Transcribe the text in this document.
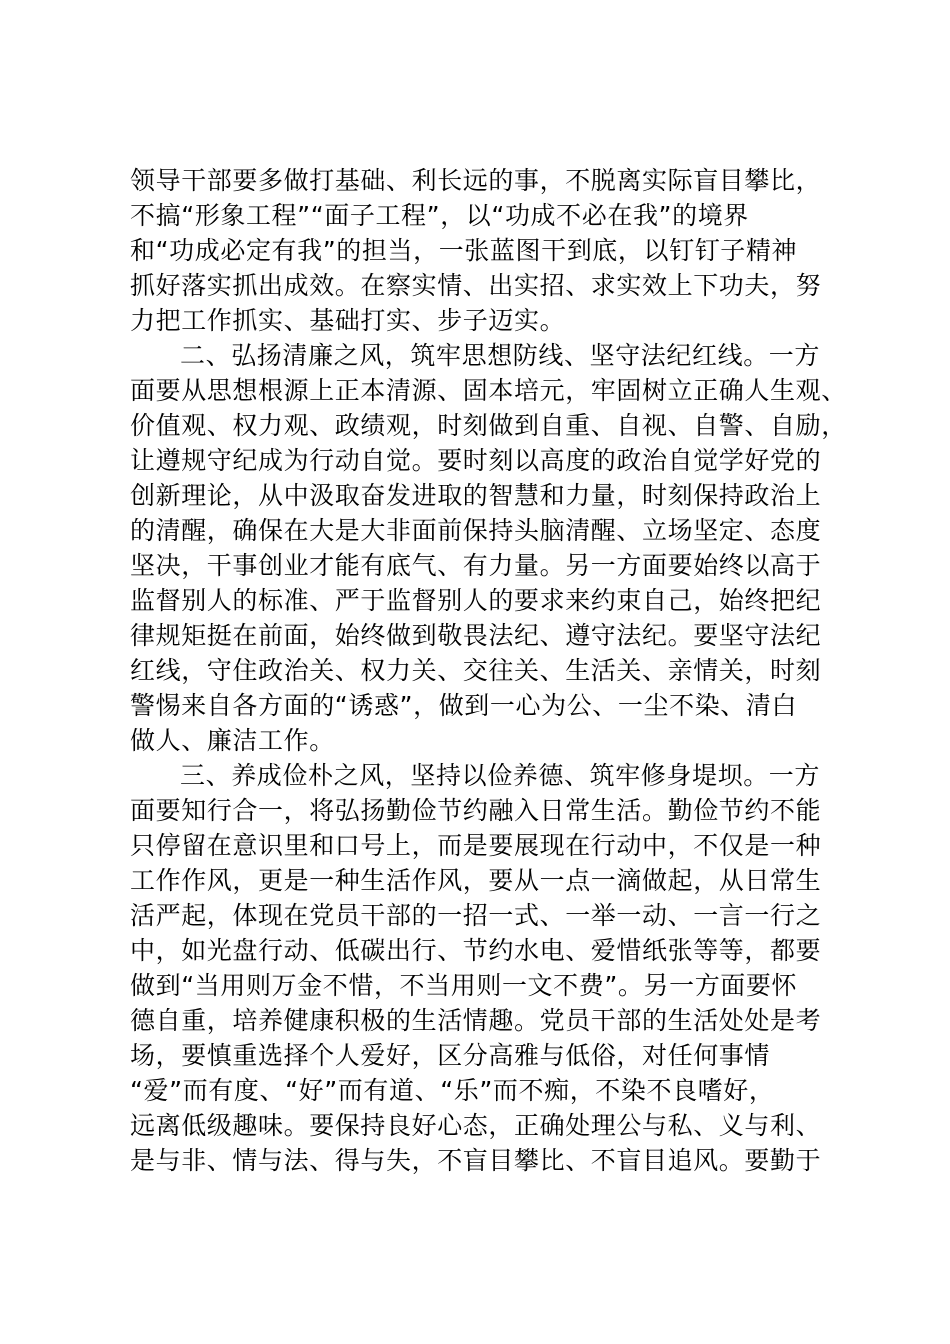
领导干部要多做打基础、利长远的事，不脱离实际盲目攀比，
不搞“形象工程”“面子工程”，以“功成不必在我”的境界
和“功成必定有我”的担当，一张蓝图干到底，以钉钉子精神
抓好落实抓出成效。在察实情、出实招、求实效上下功夫，努
力把工作抓实、基础打实、步子迈实。
二、弘扬清廉之风，筑牢思想防线、坚守法纪红线。一方
面要从思想根源上正本清源、固本培元，牢固树立正确人生观、
价值观、权力观、政绩观，时刻做到自重、自视、自警、自励，
让遵规守纪成为行动自觉。要时刻以高度的政治自觉学好党的
创新理论，从中汲取奋发进取的智慧和力量，时刻保持政治上
的清醒，确保在大是大非面前保持头脑清醒、立场坚定、态度
坚决，干事创业才能有底气、有力量。另一方面要始终以高于
监督别人的标准、严于监督别人的要求来约束自己，始终把纪
律规矩挺在前面，始终做到敬畏法纪、遵守法纪。要坚守法纪
红线，守住政治关、权力关、交往关、生活关、亲情关，时刻
警惕来自各方面的“诱惑”，做到一心为公、一尘不染、清白
做人、廉洁工作。
三、养成俭朴之风，坚持以俭养德、筑牢修身堤坝。一方
面要知行合一，将弘扬勤俭节约融入日常生活。勤俭节约不能
只停留在意识里和口号上，而是要展现在行动中，不仅是一种
工作作风，更是一种生活作风，要从一点一滴做起，从日常生
活严起，体现在党员干部的一招一式、一举一动、一言一行之
中，如光盘行动、低碳出行、节约水电、爱惜纸张等等，都要
做到“当用则万金不惜，不当用则一文不费”。另一方面要怀
德自重，培养健康积极的生活情趣。党员干部的生活处处是考
场，要慎重选择个人爱好，区分高雅与低俗，对任何事情
“爱”而有度、“好”而有道、“乐”而不痴，不染不良嗜好，
远离低级趣味。要保持良好心态，正确处理公与私、义与利、
是与非、情与法、得与失，不盲目攀比、不盲目追风。要勤于
